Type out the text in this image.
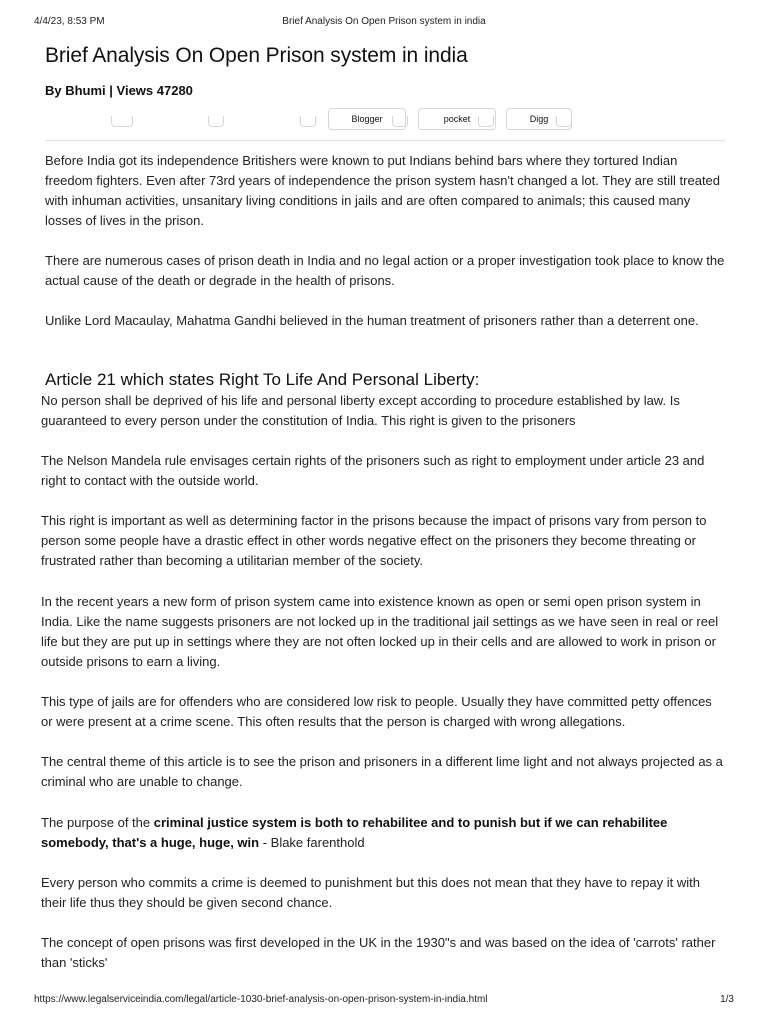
4/4/23, 8:53 PM	Brief Analysis On Open Prison system in india
Brief Analysis On Open Prison system in india
By Bhumi | Views 47280
Blogger	pocket	Digg
Before India got its independence Britishers were known to put Indians behind bars where they tortured Indian freedom fighters. Even after 73rd years of independence the prison system hasn't changed a lot. They are still treated with inhuman activities, unsanitary living conditions in jails and are often compared to animals; this caused many losses of lives in the prison.
There are numerous cases of prison death in India and no legal action or a proper investigation took place to know the actual cause of the death or degrade in the health of prisons.
Unlike Lord Macaulay, Mahatma Gandhi believed in the human treatment of prisoners rather than a deterrent one.
Article 21 which states Right To Life And Personal Liberty:
No person shall be deprived of his life and personal liberty except according to procedure established by law. Is guaranteed to every person under the constitution of India. This right is given to the prisoners
The Nelson Mandela rule envisages certain rights of the prisoners such as right to employment under article 23 and right to contact with the outside world.
This right is important as well as determining factor in the prisons because the impact of prisons vary from person to person some people have a drastic effect in other words negative effect on the prisoners they become threating or frustrated rather than becoming a utilitarian member of the society.
In the recent years a new form of prison system came into existence known as open or semi open prison system in India. Like the name suggests prisoners are not locked up in the traditional jail settings as we have seen in real or reel life but they are put up in settings where they are not often locked up in their cells and are allowed to work in prison or outside prisons to earn a living.
This type of jails are for offenders who are considered low risk to people. Usually they have committed petty offences or were present at a crime scene. This often results that the person is charged with wrong allegations.
The central theme of this article is to see the prison and prisoners in a different lime light and not always projected as a criminal who are unable to change.
The purpose of the criminal justice system is both to rehabilitee and to punish but if we can rehabilitee somebody, that's a huge, huge, win - Blake farenthold
Every person who commits a crime is deemed to punishment but this does not mean that they have to repay it with their life thus they should be given second chance.
The concept of open prisons was first developed in the UK in the 1930"s and was based on the idea of 'carrots' rather than 'sticks'
https://www.legalserviceindia.com/legal/article-1030-brief-analysis-on-open-prison-system-in-india.html	1/3
